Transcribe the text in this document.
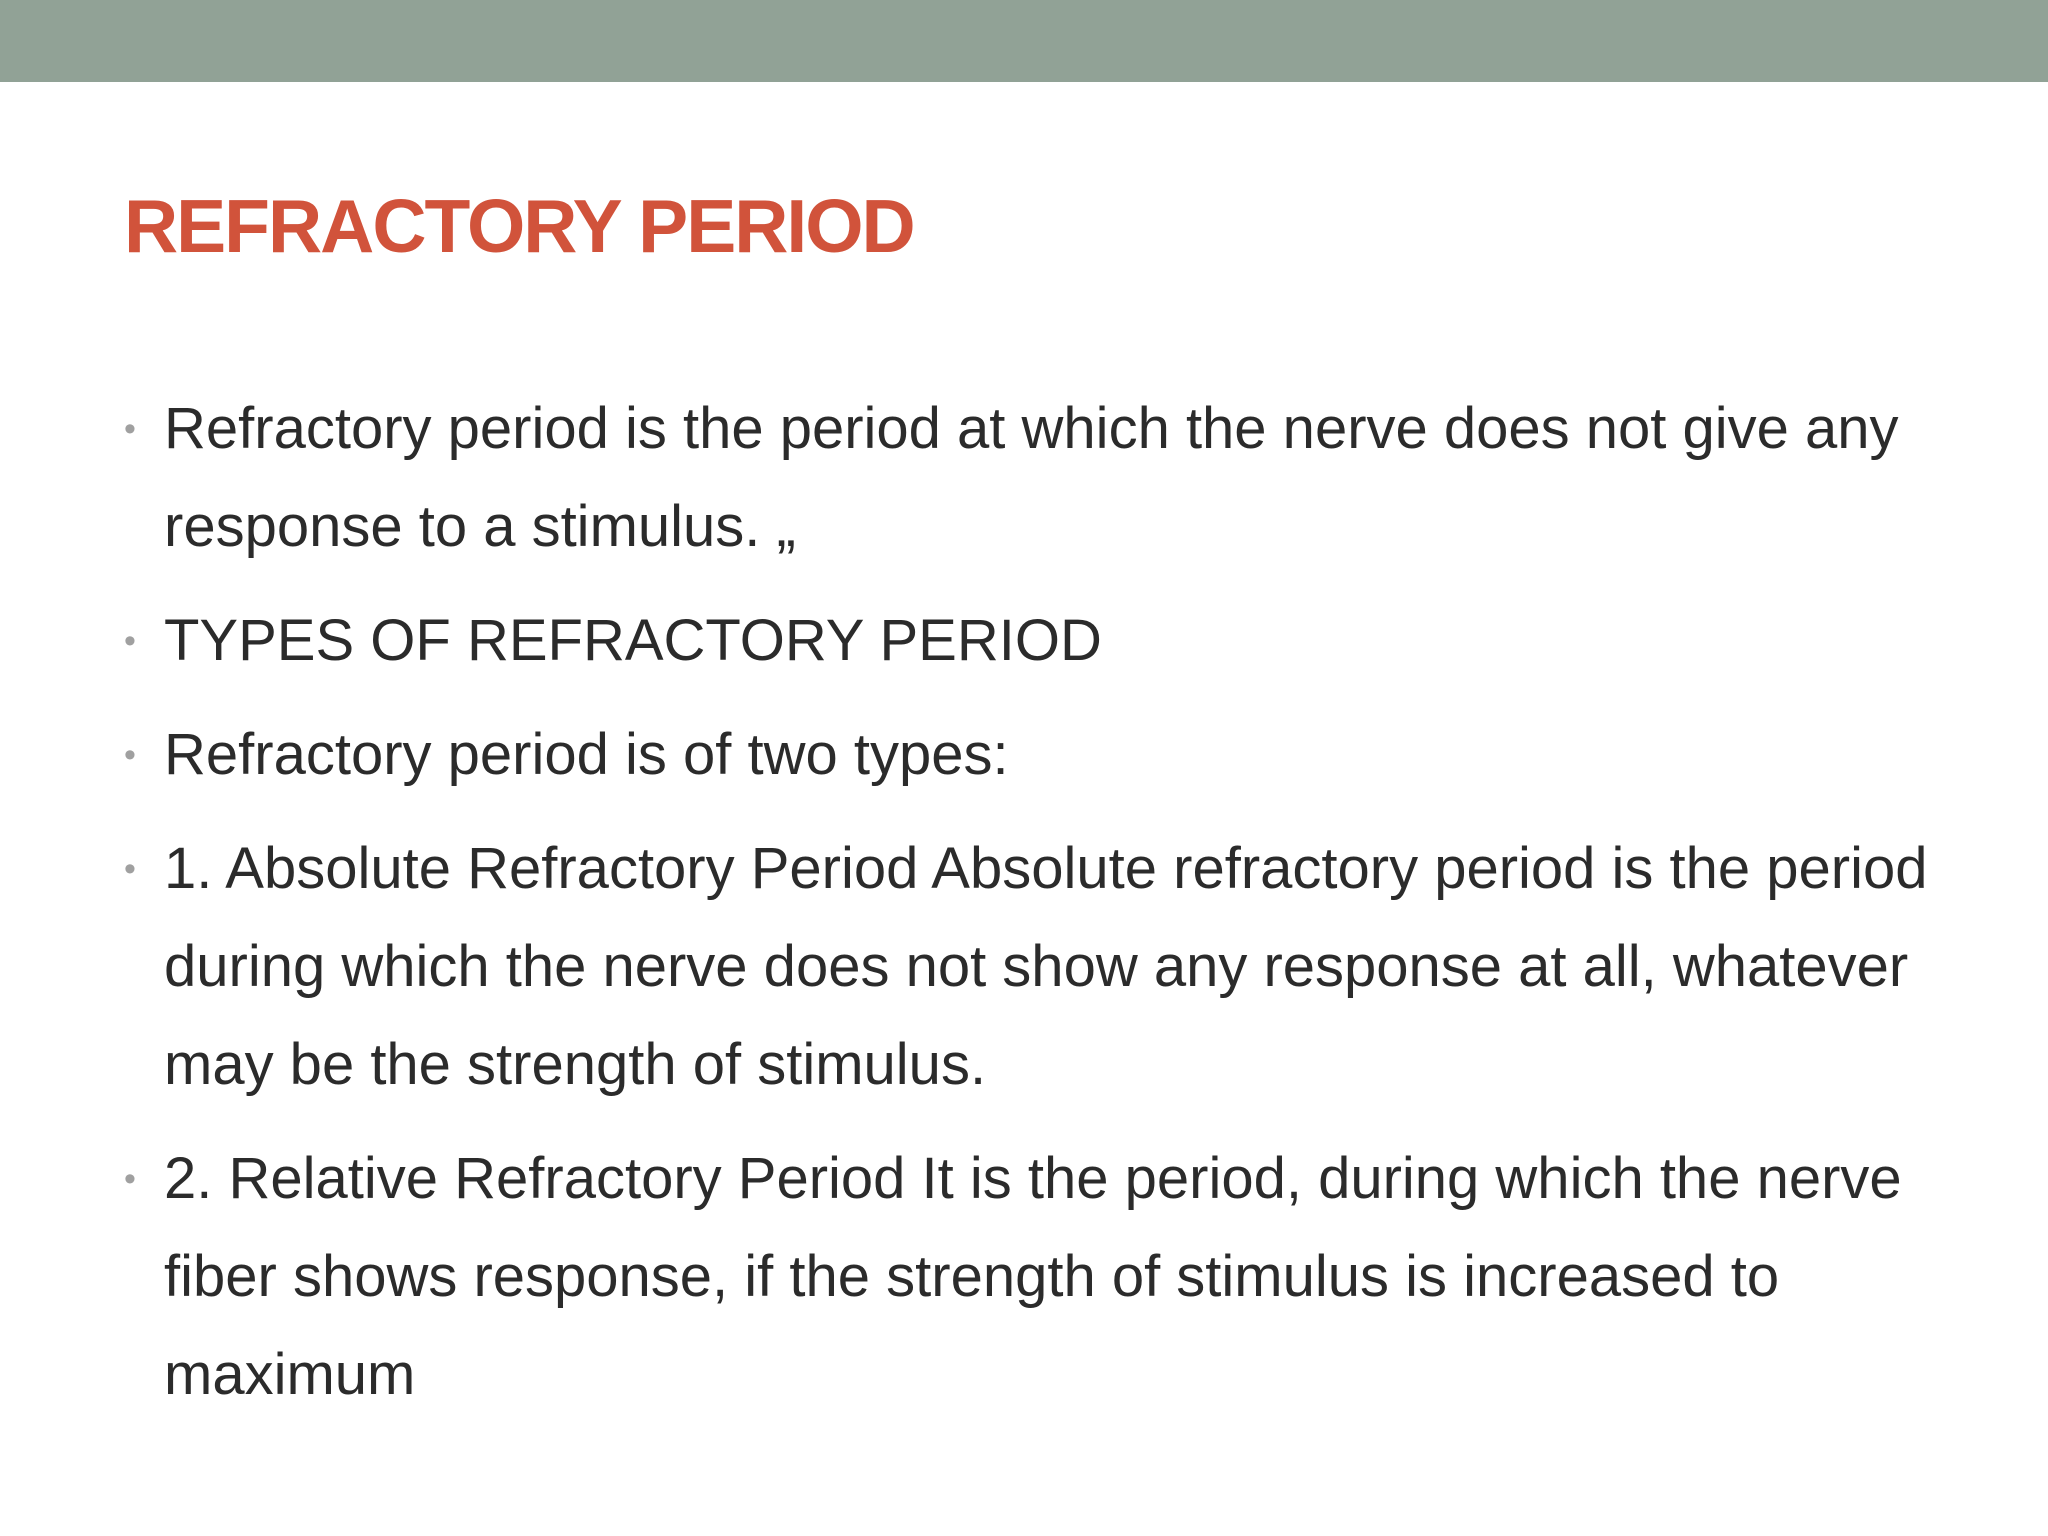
REFRACTORY PERIOD
• Refractory period is the period at which the nerve does not give any response to a stimulus. „
• TYPES OF REFRACTORY PERIOD
• Refractory period is of two types:
• 1. Absolute Refractory Period Absolute refractory period is the period during which the nerve does not show any response at all, whatever may be the strength of stimulus.
• 2. Relative Refractory Period It is the period, during which the nerve fiber shows response, if the strength of stimulus is increased to maximum
